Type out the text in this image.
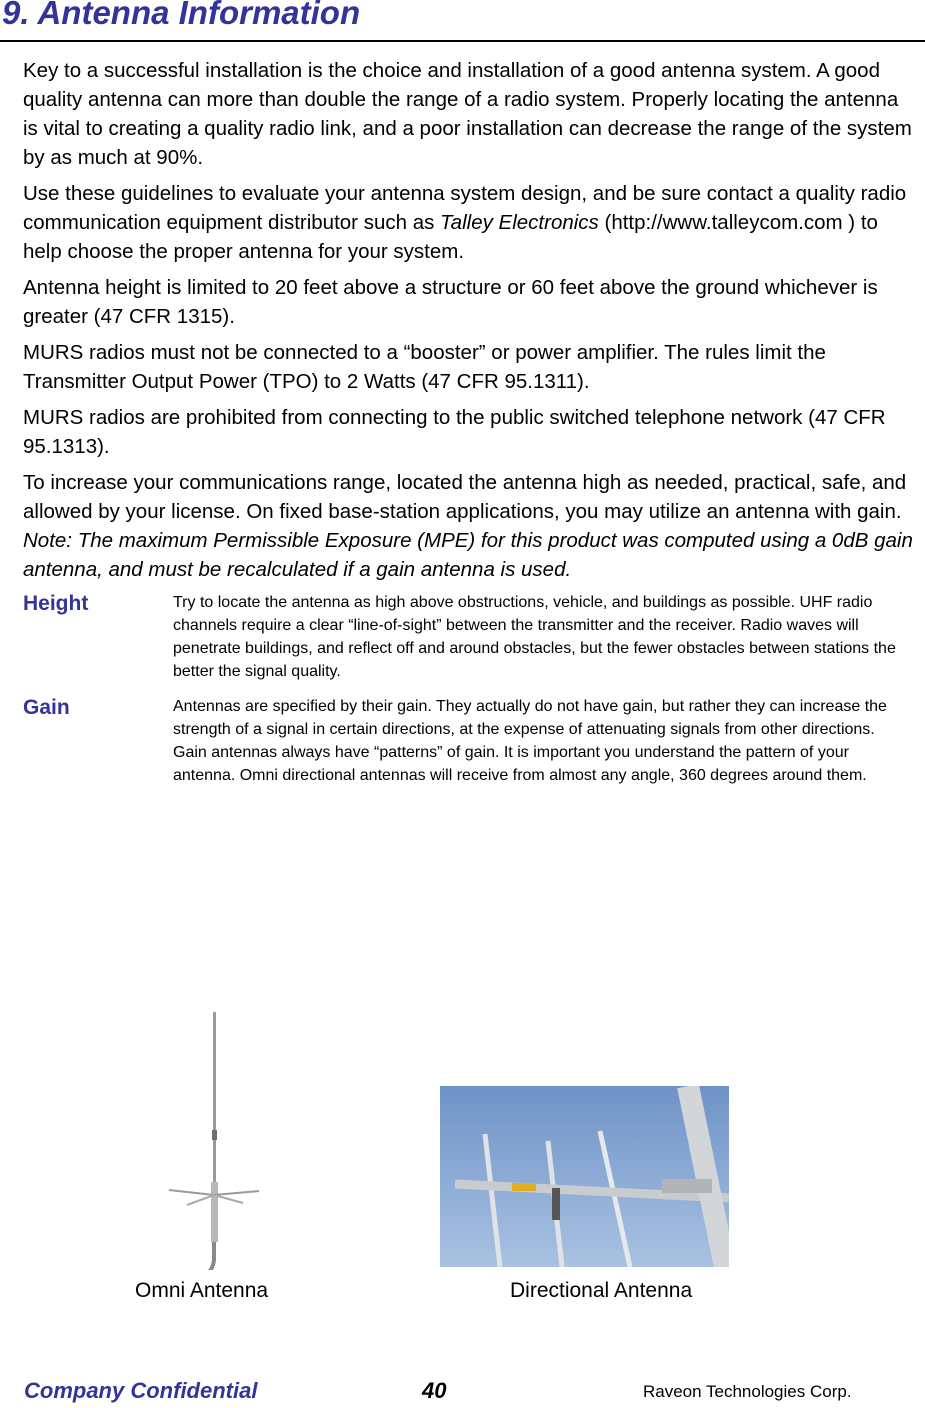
9. Antenna Information

Key to a successful installation is the choice and installation of a good antenna system. A good quality antenna can more than double the range of a radio system. Properly locating the antenna is vital to creating a quality radio link, and a poor installation can decrease the range of the system by as much at 90%.

Use these guidelines to evaluate your antenna system design, and be sure contact a quality radio communication equipment distributor such as Talley Electronics (http://www.talleycom.com ) to help choose the proper antenna for your system.

Antenna height is limited to 20 feet above a structure or 60 feet above the ground whichever is greater (47 CFR 1315).

MURS radios must not be connected to a “booster” or power amplifier. The rules limit the Transmitter Output Power (TPO) to 2 Watts (47 CFR 95.1311).

MURS radios are prohibited from connecting to the public switched telephone network (47 CFR 95.1313).

To increase your communications range, located the antenna high as needed, practical, safe, and allowed by your license. On fixed base-station applications, you may utilize an antenna with gain. Note: The maximum Permissible Exposure (MPE) for this product was computed using a 0dB gain antenna, and must be recalculated if a gain antenna is used.

Height	Try to locate the antenna as high above obstructions, vehicle, and buildings as possible. UHF radio channels require a clear “line-of-sight” between the transmitter and the receiver. Radio waves will penetrate buildings, and reflect off and around obstacles, but the fewer obstacles between stations the better the signal quality.
Gain	Antennas are specified by their gain. They actually do not have gain, but rather they can increase the strength of a signal in certain directions, at the expense of attenuating signals from other directions. Gain antennas always have “patterns” of gain. It is important you understand the pattern of your antenna. Omni directional antennas will receive from almost any angle, 360 degrees around them.
Omni Antenna	Directional Antenna
Company Confidential	40	Raveon Technologies Corp.
